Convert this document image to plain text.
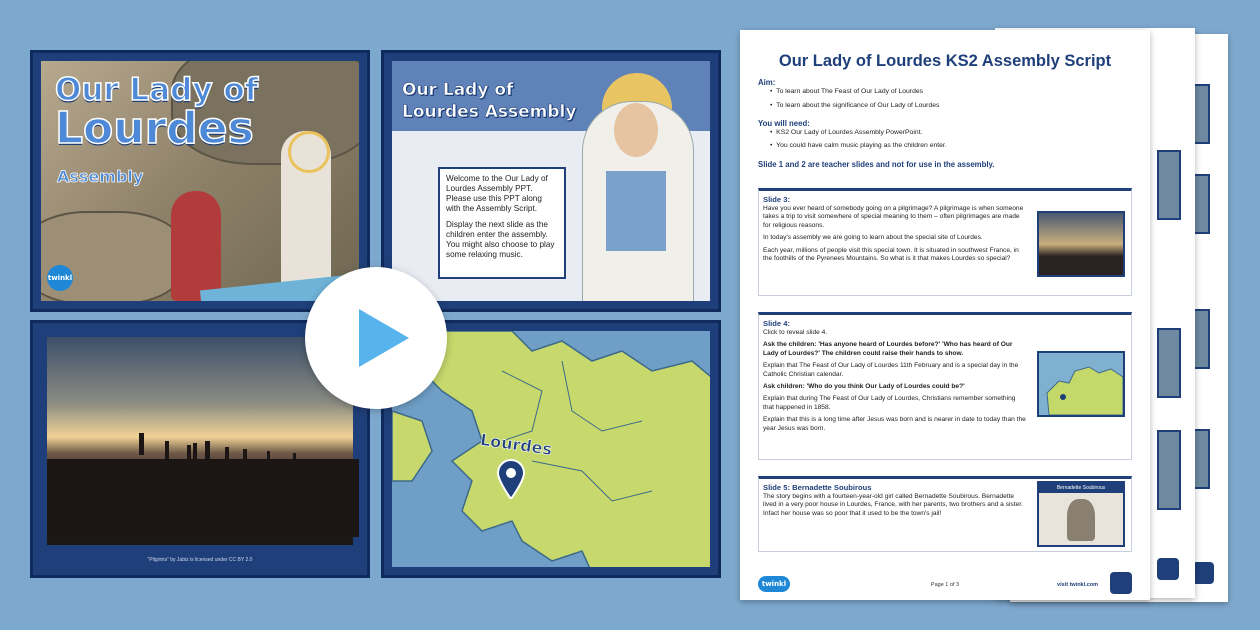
Our Lady of Lourdes KS2 Assembly Script
Aim:
•  To learn about The Feast of Our Lady of Lourdes
•  To learn about the significance of Our Lady of Lourdes
You will need:
•  KS2 Our Lady of Lourdes Assembly PowerPoint.
•  You could have calm music playing as the children enter.
Slide 1 and 2 are teacher slides and not for use in the assembly.
Slide 3:

Have you ever heard of somebody going on a pilgrimage? A pilgrimage is when someone takes a trip to visit somewhere of special meaning to them – often pilgrimages are made for religious reasons.

In today's assembly we are going to learn about the special site of Lourdes.

Each year, millions of people visit this special town. It is situated in southwest France, in the foothills of the Pyrenees Mountains. So what is it that makes Lourdes so special?

Slide 4:

Click to reveal slide 4.

Ask the children: 'Has anyone heard of Lourdes before?' 'Who has heard of Our Lady of Lourdes?' The children could raise their hands to show.

Explain that The Feast of Our Lady of Lourdes 11th February and is a special day in the Catholic Christian calendar.

Ask children: 'Who do you think Our Lady of Lourdes could be?'

Explain that during The Feast of Our Lady of Lourdes, Christians remember something that happened in 1858.

Explain that this is a long time after Jesus was born and is nearer in date to today than the year Jesus was born.

Slide 5: Bernadette Soubirous

The story begins with a fourteen-year-old girl called Bernadette Soubirous. Bernadette lived in a very poor house in Lourdes, France, with her parents, two brothers and a sister. Infact her house was so poor that it used to be the town's jail!

Bernadette Soubirous
twinkl	Page 1 of 3	visit twinkl.com
Our Lady of
Lourdes
Assembly
twinkl
Our Lady of
Lourdes Assembly

Welcome to the Our Lady of Lourdes Assembly PPT. Please use this PPT along with the Assembly Script.

Display the next slide as the children enter the assembly. You might also choose to play some relaxing music.

"Pilgrims" by Jabiz is licensed under CC BY 2.0
Lourdes
